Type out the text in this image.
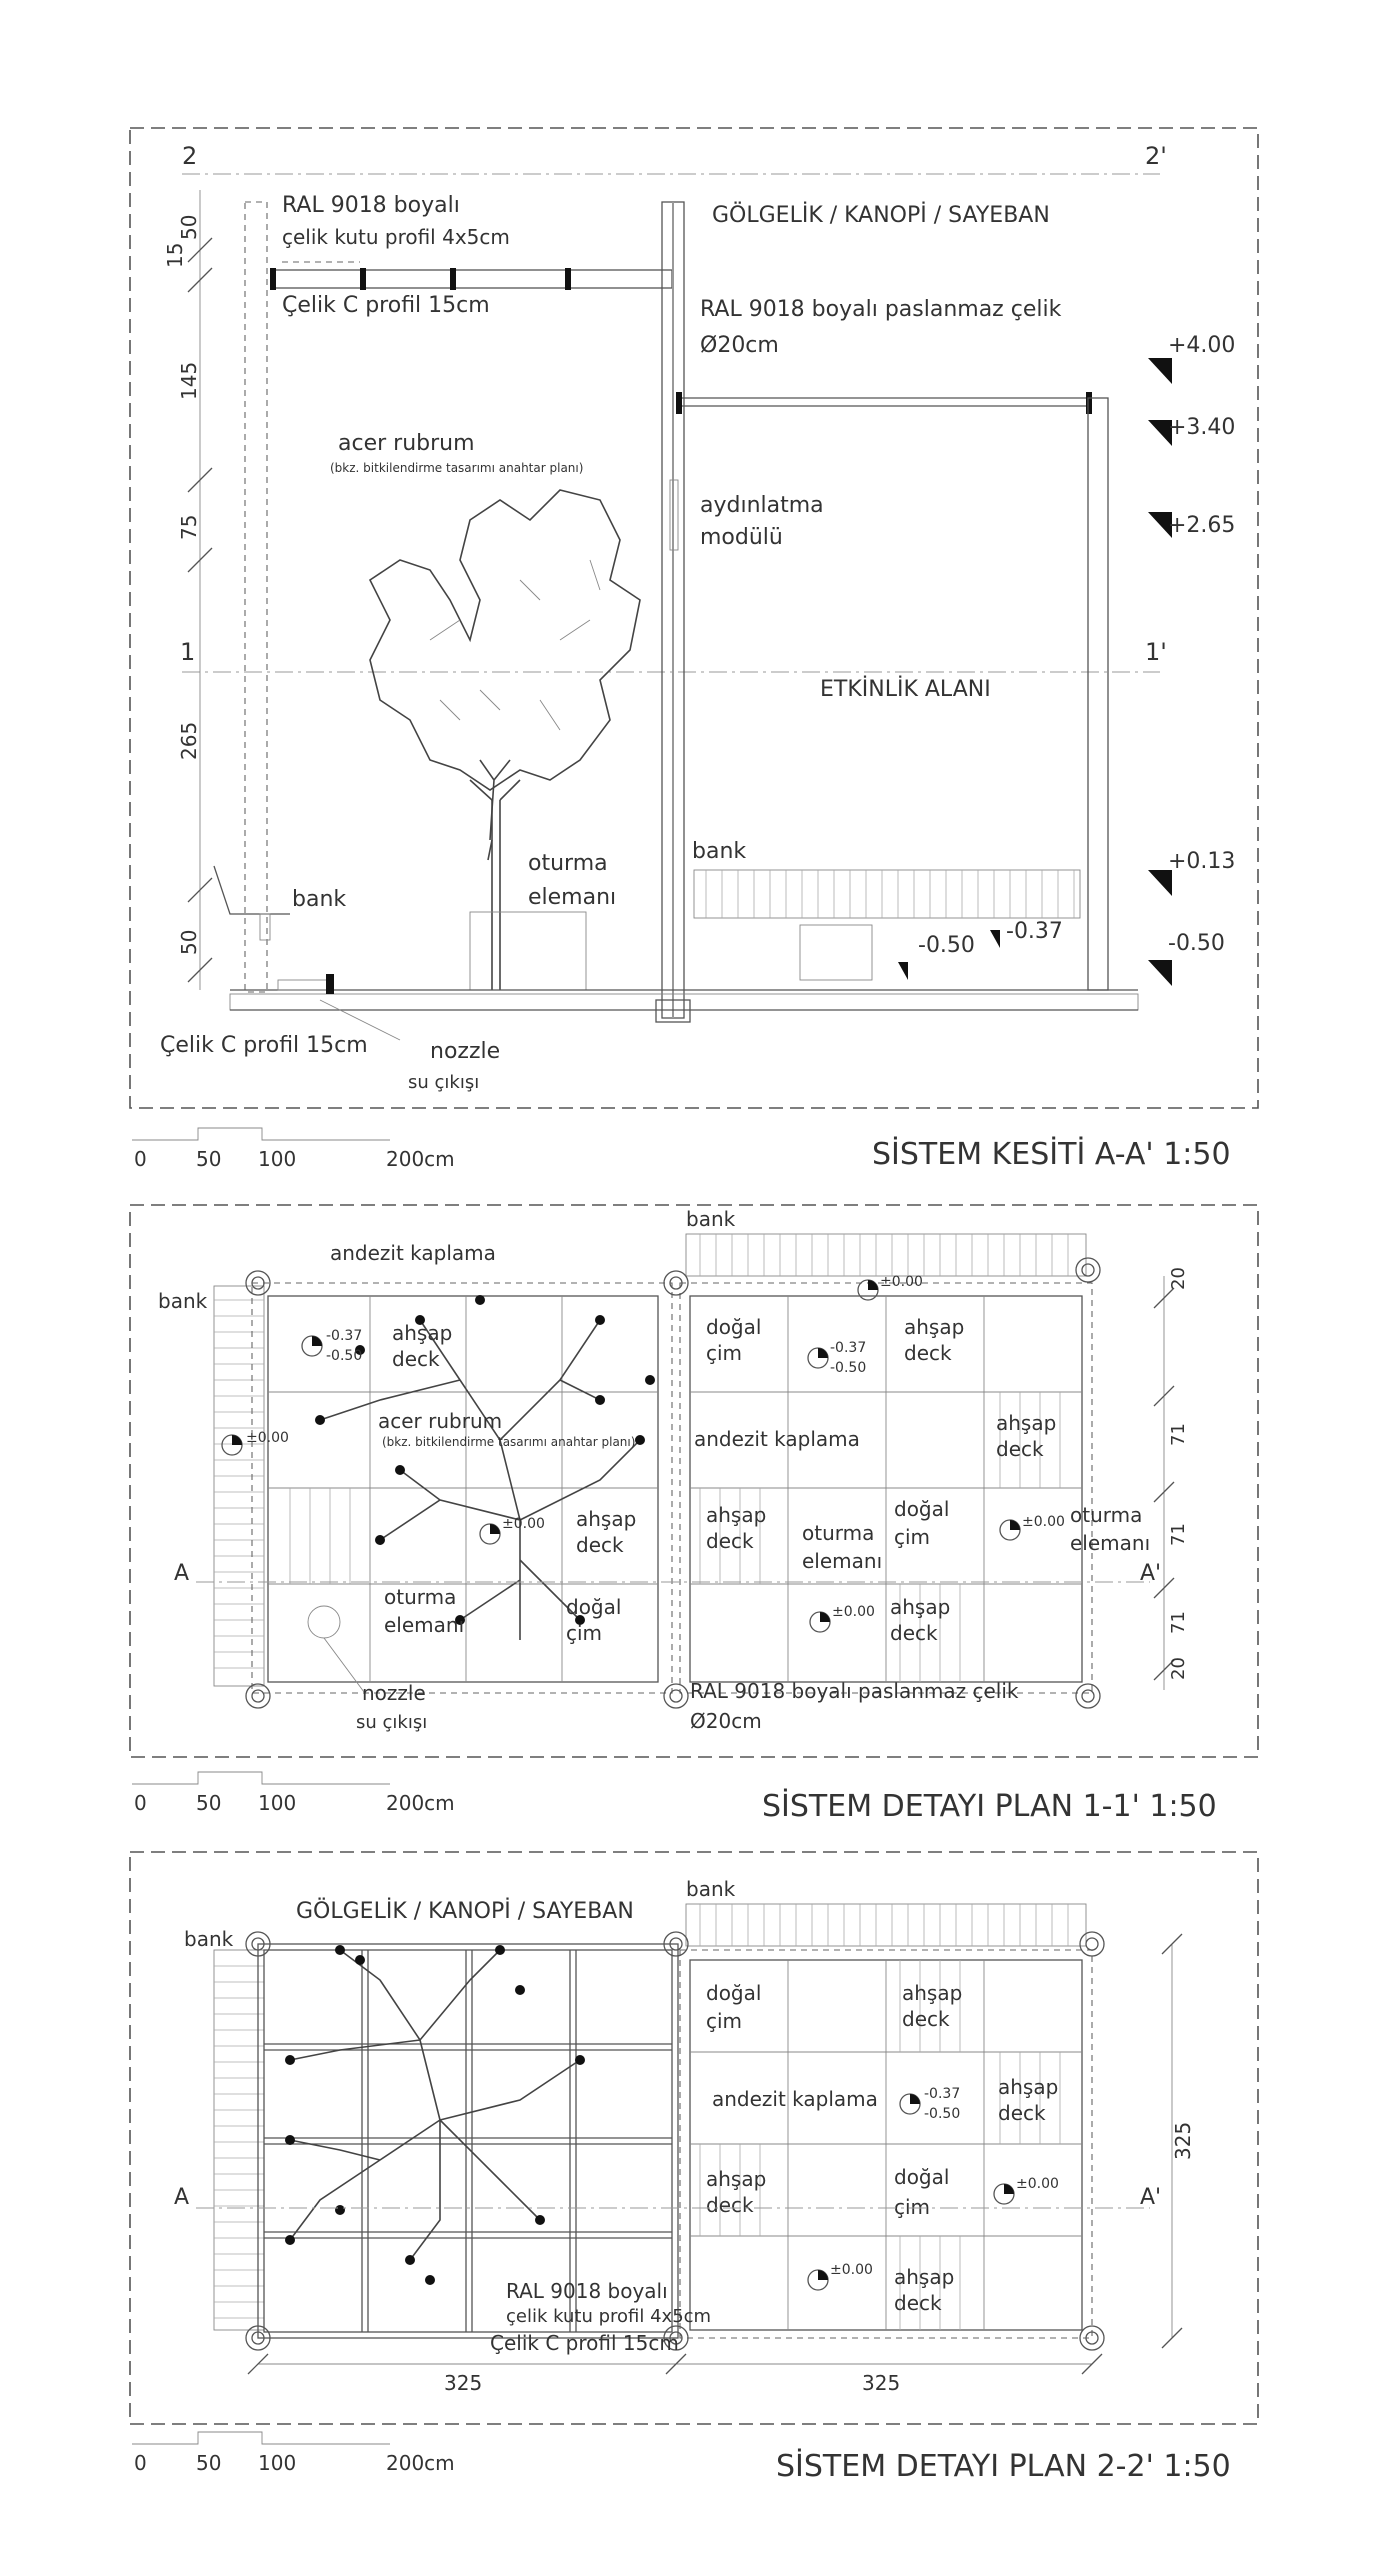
2	2'
1	1'
50
15
145
75
265
50
RAL 9018 boyalı
çelik kutu profil 4x5cm
Çelik C profil 15cm
GÖLGELİK / KANOPİ / SAYEBAN
RAL 9018 boyalı paslanmaz çelik
Ø20cm
aydınlatma
modülü
ETKİNLİK ALANI
acer rubrum
(bkz. bitkilendirme tasarımı anahtar planı)
oturma
elemanı
bank
bank
Çelik C profil 15cm	nozzle
su çıkışı
+4.00
+3.40
+2.65
+0.13
-0.50
-0.50
-0.37
0 50 100	200cm	SİSTEM KESİTİ A-A' 1:50
bank
bank
andezit kaplama
acer rubrum
(bkz. bitkilendirme tasarımı anahtar planı)
-0.37
-0.50
±0.00
±0.00
±0.00
-0.37
-0.50
±0.00
±0.00
ahşap
deck
ahşap
deck
doğal
çim
oturma
elemanı
doğal
çim
ahşap
deck
andezit kaplama
ahşap
deck
ahşap
deck oturma
elemanı
doğal
çim
oturma
elemanı
ahşap
deck
nozzle
su çıkışı
RAL 9018 boyalı paslanmaz çelik
Ø20cm
A	A'
20
71
71
71
20
0 50 100	200cm	SİSTEM DETAYI PLAN 1-1' 1:50
bank
GÖLGELİK / KANOPİ / SAYEBAN
bank
-0.37
-0.50
±0.00
±0.00
doğal
çim
ahşap
deck
andezit kaplama	ahşap
deck
ahşap
deck
doğal
çim
ahşap
deck
RAL 9018 boyalı
çelik kutu profil 4x5cm
Çelik C profil 15cm
A	A'
325	325
325
0 50 100	200cm	SİSTEM DETAYI PLAN 2-2' 1:50
